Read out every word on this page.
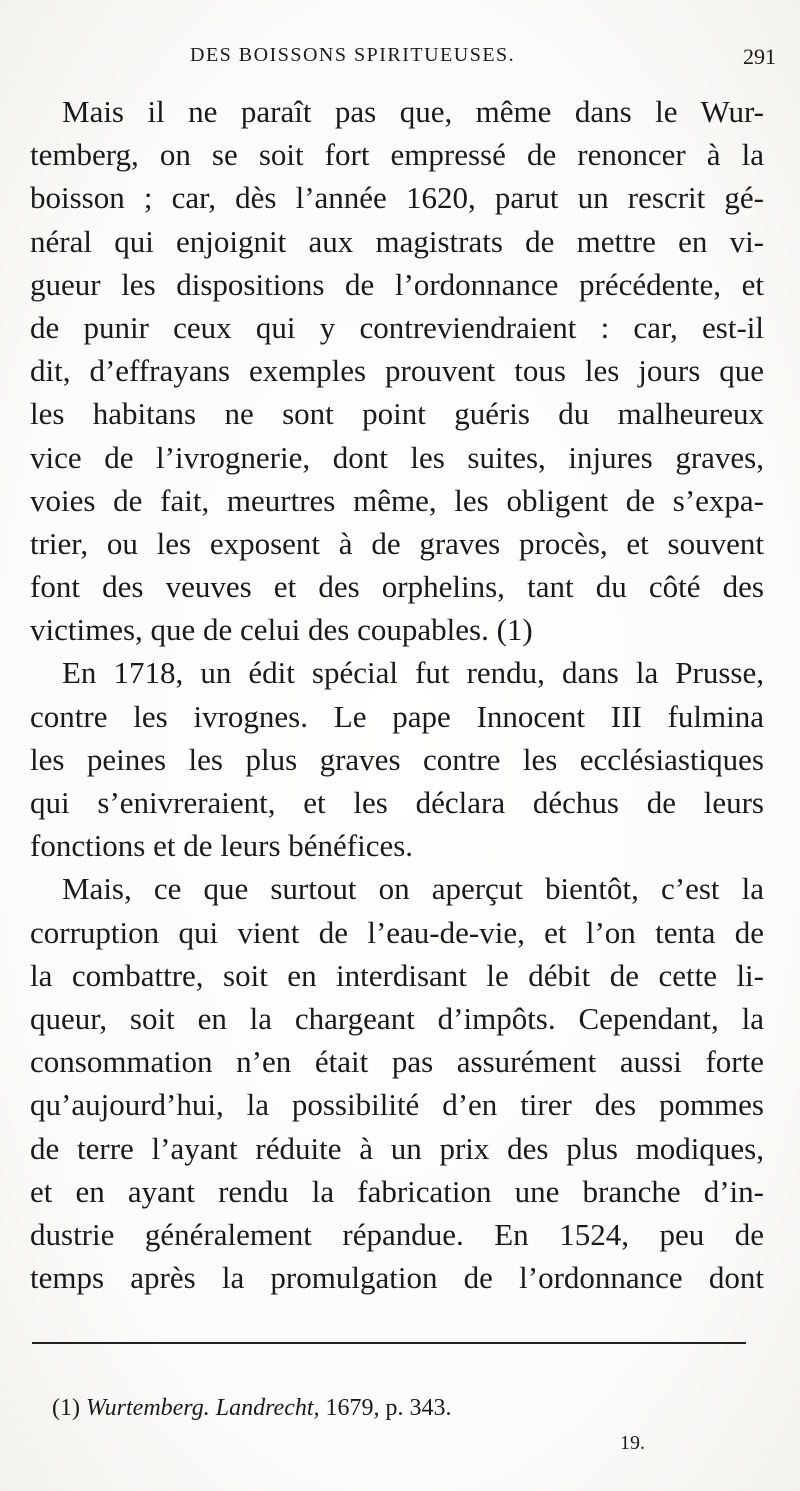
DES BOISSONS SPIRITUEUSES.	291
Mais il ne paraît pas que, même dans le Wur-
temberg, on se soit fort empressé de renoncer à la
boisson ; car, dès l’année 1620, parut un rescrit gé-
néral qui enjoignit aux magistrats de mettre en vi-
gueur les dispositions de l’ordonnance précédente, et
de punir ceux qui y contreviendraient : car, est-il
dit, d’effrayans exemples prouvent tous les jours que
les habitans ne sont point guéris du malheureux
vice de l’ivrognerie, dont les suites, injures graves,
voies de fait, meurtres même, les obligent de s’expa-
trier, ou les exposent à de graves procès, et souvent
font des veuves et des orphelins, tant du côté des
victimes, que de celui des coupables. (1)
En 1718, un édit spécial fut rendu, dans la Prusse,
contre les ivrognes. Le pape Innocent III fulmina
les peines les plus graves contre les ecclésiastiques
qui s’enivreraient, et les déclara déchus de leurs
fonctions et de leurs bénéfices.
Mais, ce que surtout on aperçut bientôt, c’est la
corruption qui vient de l’eau-de-vie, et l’on tenta de
la combattre, soit en interdisant le débit de cette li-
queur, soit en la chargeant d’impôts. Cependant, la
consommation n’en était pas assurément aussi forte
qu’aujourd’hui, la possibilité d’en tirer des pommes
de terre l’ayant réduite à un prix des plus modiques,
et en ayant rendu la fabrication une branche d’in-
dustrie généralement répandue. En 1524, peu de
temps après la promulgation de l’ordonnance dont
(1) Wurtemberg. Landrecht, 1679, p. 343.
19.
